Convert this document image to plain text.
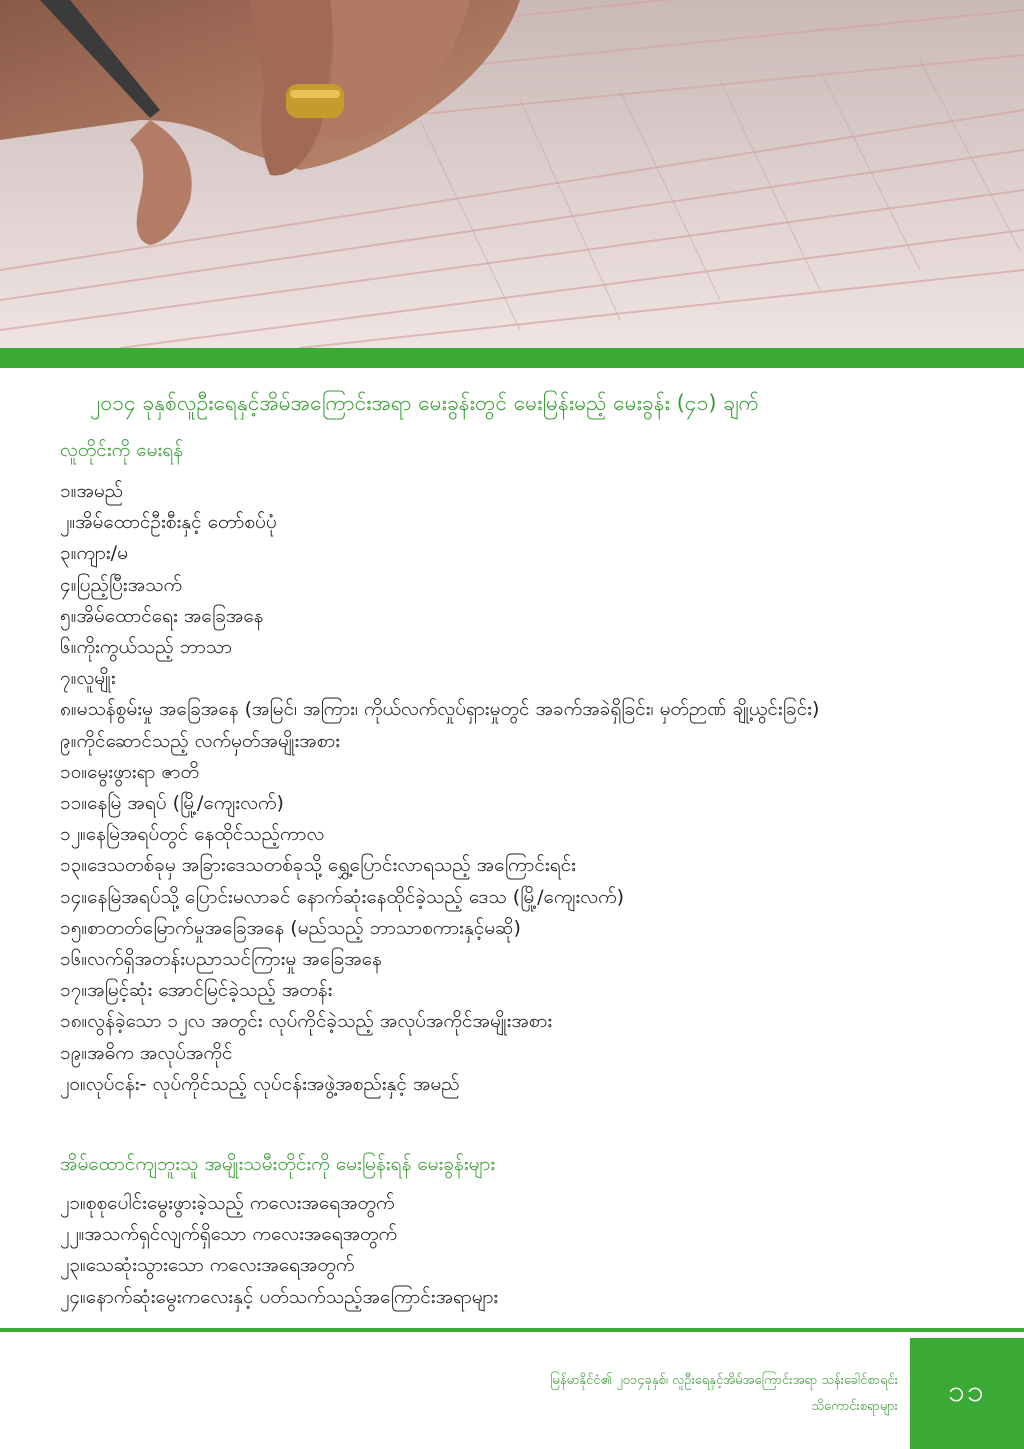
၂၀၁၄ ခုနှစ်လူဦးရေနှင့်အိမ်အကြောင်းအရာ မေးခွန်းတွင် မေးမြန်းမည့် မေးခွန်း (၄၁) ချက်
လူတိုင်းကို မေးရန်
၁။ အမည်
၂။ အိမ်ထောင်ဦးစီးနှင့် တော်စပ်ပုံ
၃။ ကျား/မ
၄။ ပြည့်ပြီးအသက်
၅။ အိမ်ထောင်ရေး အခြေအနေ
၆။ ကိုးကွယ်သည့် ဘာသာ
၇။ လူမျိုး
၈။ မသန်စွမ်းမှု အခြေအနေ (အမြင်၊ အကြား၊ ကိုယ်လက်လှုပ်ရှားမှုတွင် အခက်အခဲရှိခြင်း၊ မှတ်ဉာဏ် ချို့ယွင်းခြင်း)
၉။ ကိုင်ဆောင်သည့် လက်မှတ်အမျိုးအစား
၁၀။ မွေးဖွားရာ ဇာတိ
၁၁။ နေမြဲ အရပ် (မြို့/ကျေးလက်)
၁၂။ နေမြဲအရပ်တွင် နေထိုင်သည့်ကာလ
၁၃။ ဒေသတစ်ခုမှ အခြားဒေသတစ်ခုသို့ ရွှေ့ပြောင်းလာရသည့် အကြောင်းရင်း
၁၄။ နေမြဲအရပ်သို့ ပြောင်းမလာခင် နောက်ဆုံးနေထိုင်ခဲ့သည့် ဒေသ (မြို့/ကျေးလက်)
၁၅။ စာတတ်မြောက်မှုအခြေအနေ (မည်သည့် ဘာသာစကားနှင့်မဆို)
၁၆။ လက်ရှိအတန်းပညာသင်ကြားမှု အခြေအနေ
၁၇။ အမြင့်ဆုံး အောင်မြင်ခဲ့သည့် အတန်း
၁၈။ လွန်ခဲ့သော ၁၂လ အတွင်း လုပ်ကိုင်ခဲ့သည့် အလုပ်အကိုင်အမျိုးအစား
၁၉။ အဓိက အလုပ်အကိုင်
၂၀။ လုပ်ငန်း- လုပ်ကိုင်သည့် လုပ်ငန်းအဖွဲ့အစည်းနှင့် အမည်
အိမ်ထောင်ကျဘူးသူ အမျိုးသမီးတိုင်းကို မေးမြန်းရန် မေးခွန်းများ
၂၁။ စုစုပေါင်းမွေးဖွားခဲ့သည့် ကလေးအရေအတွက်
၂၂။ အသက်ရှင်လျက်ရှိသော ကလေးအရေအတွက်
၂၃။ သေဆုံးသွားသော ကလေးအရေအတွက်
၂၄။ နောက်ဆုံးမွေးကလေးနှင့် ပတ်သက်သည့်အကြောင်းအရာများ
မြန်မာနိုင်ငံ၏ ၂၀၁၄ခုနှစ်၊ လူဦးရေနှင့်အိမ်အကြောင်းအရာ သန်းခေါင်စာရင်း
သိကောင်းစရာများ	၁၁
